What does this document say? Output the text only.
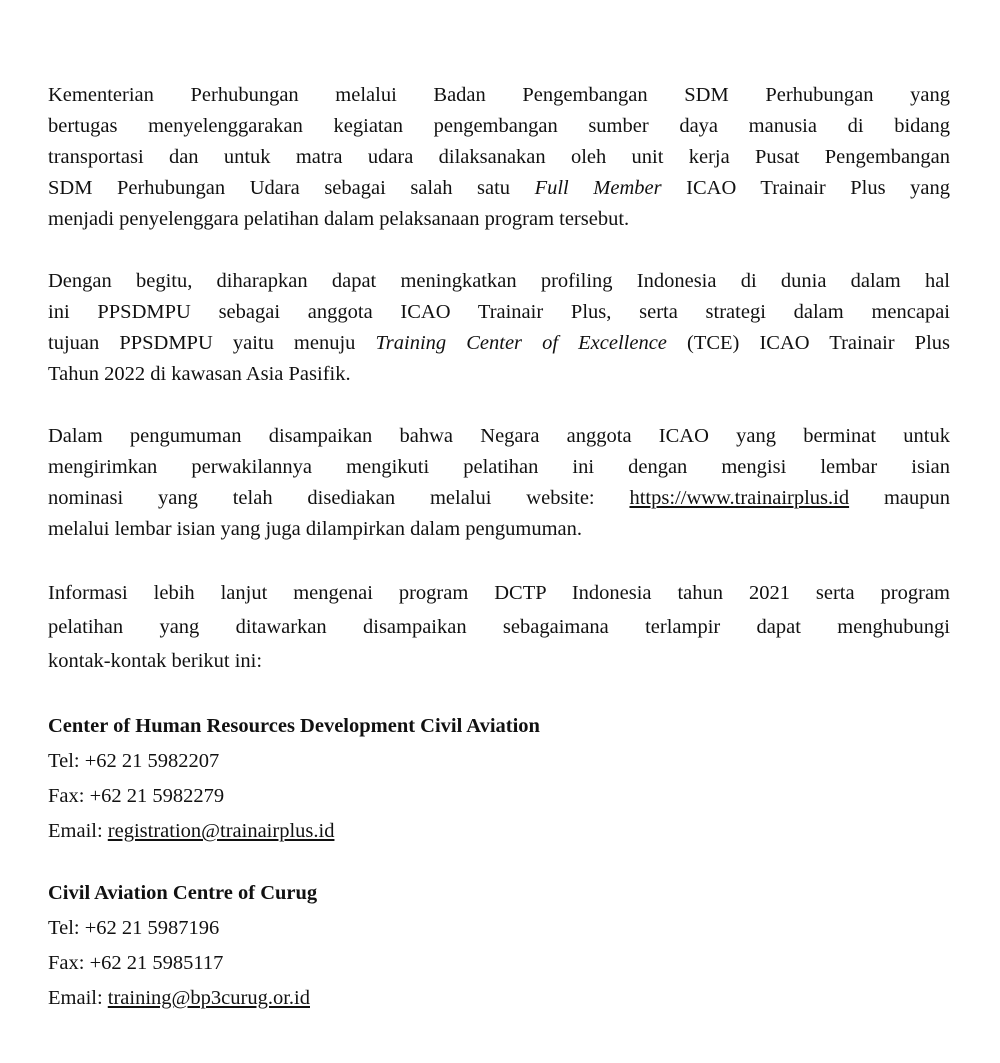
Kementerian Perhubungan melalui Badan Pengembangan SDM Perhubungan yang
bertugas menyelenggarakan kegiatan pengembangan sumber daya manusia di bidang
transportasi dan untuk matra udara dilaksanakan oleh unit kerja Pusat Pengembangan
SDM Perhubungan Udara sebagai salah satu Full Member ICAO Trainair Plus yang
menjadi penyelenggara pelatihan dalam pelaksanaan program tersebut.
Dengan begitu, diharapkan dapat meningkatkan profiling Indonesia di dunia dalam hal
ini PPSDMPU sebagai anggota ICAO Trainair Plus, serta strategi dalam mencapai
tujuan PPSDMPU yaitu menuju Training Center of Excellence (TCE) ICAO Trainair Plus
Tahun 2022 di kawasan Asia Pasifik.
Dalam pengumuman disampaikan bahwa Negara anggota ICAO yang berminat untuk
mengirimkan perwakilannya mengikuti pelatihan ini dengan mengisi lembar isian
nominasi yang telah disediakan melalui website: https://www.trainairplus.id maupun
melalui lembar isian yang juga dilampirkan dalam pengumuman.
Informasi lebih lanjut mengenai program DCTP Indonesia tahun 2021 serta program
pelatihan yang ditawarkan disampaikan sebagaimana terlampir dapat menghubungi
kontak-kontak berikut ini:
Center of Human Resources Development Civil Aviation
Tel: +62 21 5982207
Fax: +62 21 5982279
Email: registration@trainairplus.id
Civil Aviation Centre of Curug
Tel: +62 21 5987196
Fax: +62 21 5985117
Email: training@bp3curug.or.id
